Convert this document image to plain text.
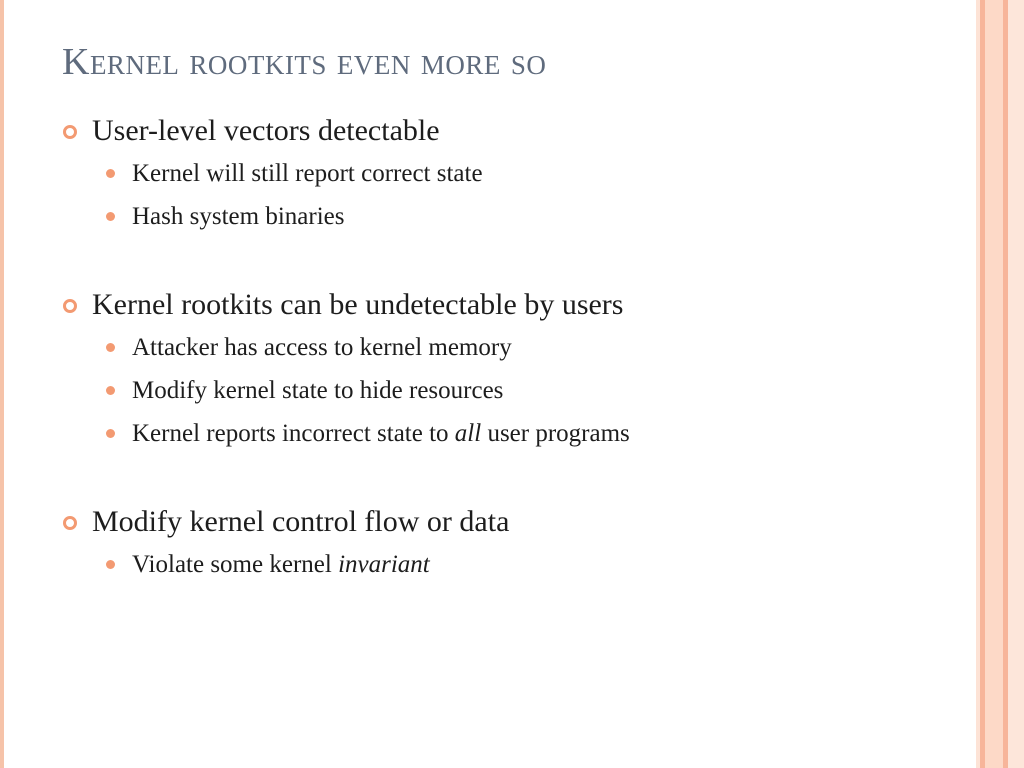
Kernel rootkits even more so
User-level vectors detectable
Kernel will still report correct state
Hash system binaries
Kernel rootkits can be undetectable by users
Attacker has access to kernel memory
Modify kernel state to hide resources
Kernel reports incorrect state to all user programs
Modify kernel control flow or data
Violate some kernel invariant
